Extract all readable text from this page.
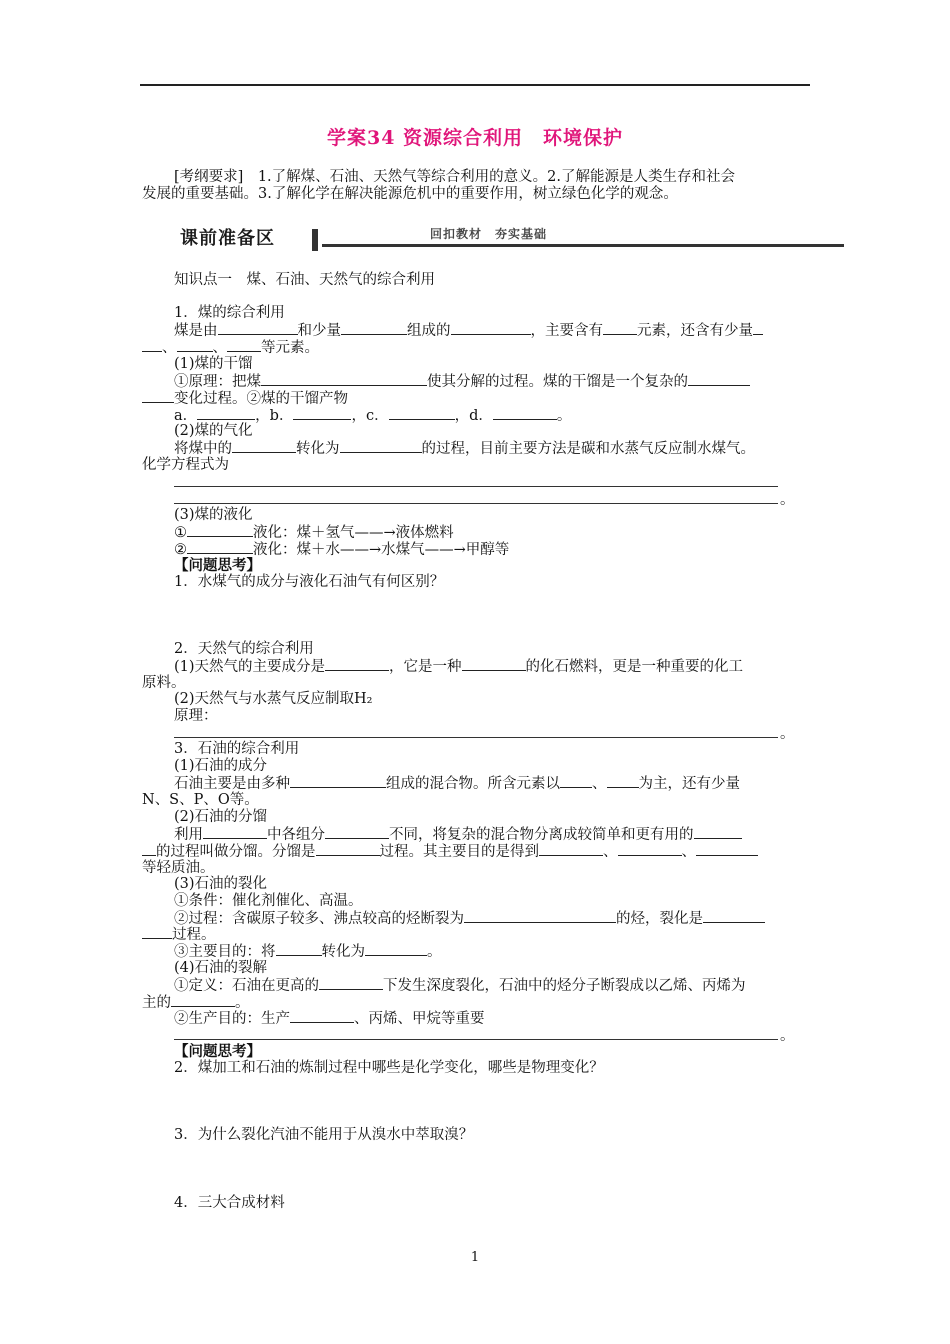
学案34 资源综合利用　环境保护
[考纲要求]　1.了解煤、石油、天然气等综合利用的意义。2.了解能源是人类生存和社会
发展的重要基础。3.了解化学在解决能源危机中的重要作用，树立绿色化学的观念。
课前准备区	回扣教材　夯实基础
知识点一　煤、石油、天然气的综合利用
1．煤的综合利用
煤是由	和少量	组成的	，主要含有 元素，还含有少量
、 、 等元素。
(1)煤的干馏
①原理：把煤	使其分解的过程。煤的干馏是一个复杂的
变化过程。②煤的干馏产物
a．	，b．	，c．	，d．	。
(2)煤的气化
将煤中的	转化为	的过程，目前主要方法是碳和水蒸气反应制水煤气。
化学方程式为
。
(3)煤的液化
①	液化：煤＋氢气——→液体燃料
②	液化：煤＋水——→水煤气——→甲醇等
【问题思考】
1．水煤气的成分与液化石油气有何区别？
2．天然气的综合利用
(1)天然气的主要成分是	，它是一种	的化石燃料，更是一种重要的化工
原料。
(2)天然气与水蒸气反应制取H₂
原理：
。
3．石油的综合利用
(1)石油的成分
石油主要是由多种	组成的混合物。所含元素以 、 为主，还有少量
N、S、P、O等。
(2)石油的分馏
利用	中各组分	不同，将复杂的混合物分离成较简单和更有用的
的过程叫做分馏。分馏是	过程。其主要目的是得到	、	、
等轻质油。
(3)石油的裂化
①条件：催化剂催化、高温。
②过程：含碳原子较多、沸点较高的烃断裂为	的烃，裂化是
过程。
③主要目的：将	转化为	。
(4)石油的裂解
①定义：石油在更高的	下发生深度裂化，石油中的烃分子断裂成以乙烯、丙烯为
主的	。
②生产目的：生产	、丙烯、甲烷等重要
。
【问题思考】
2．煤加工和石油的炼制过程中哪些是化学变化，哪些是物理变化？
3．为什么裂化汽油不能用于从溴水中萃取溴？
4．三大合成材料
1
